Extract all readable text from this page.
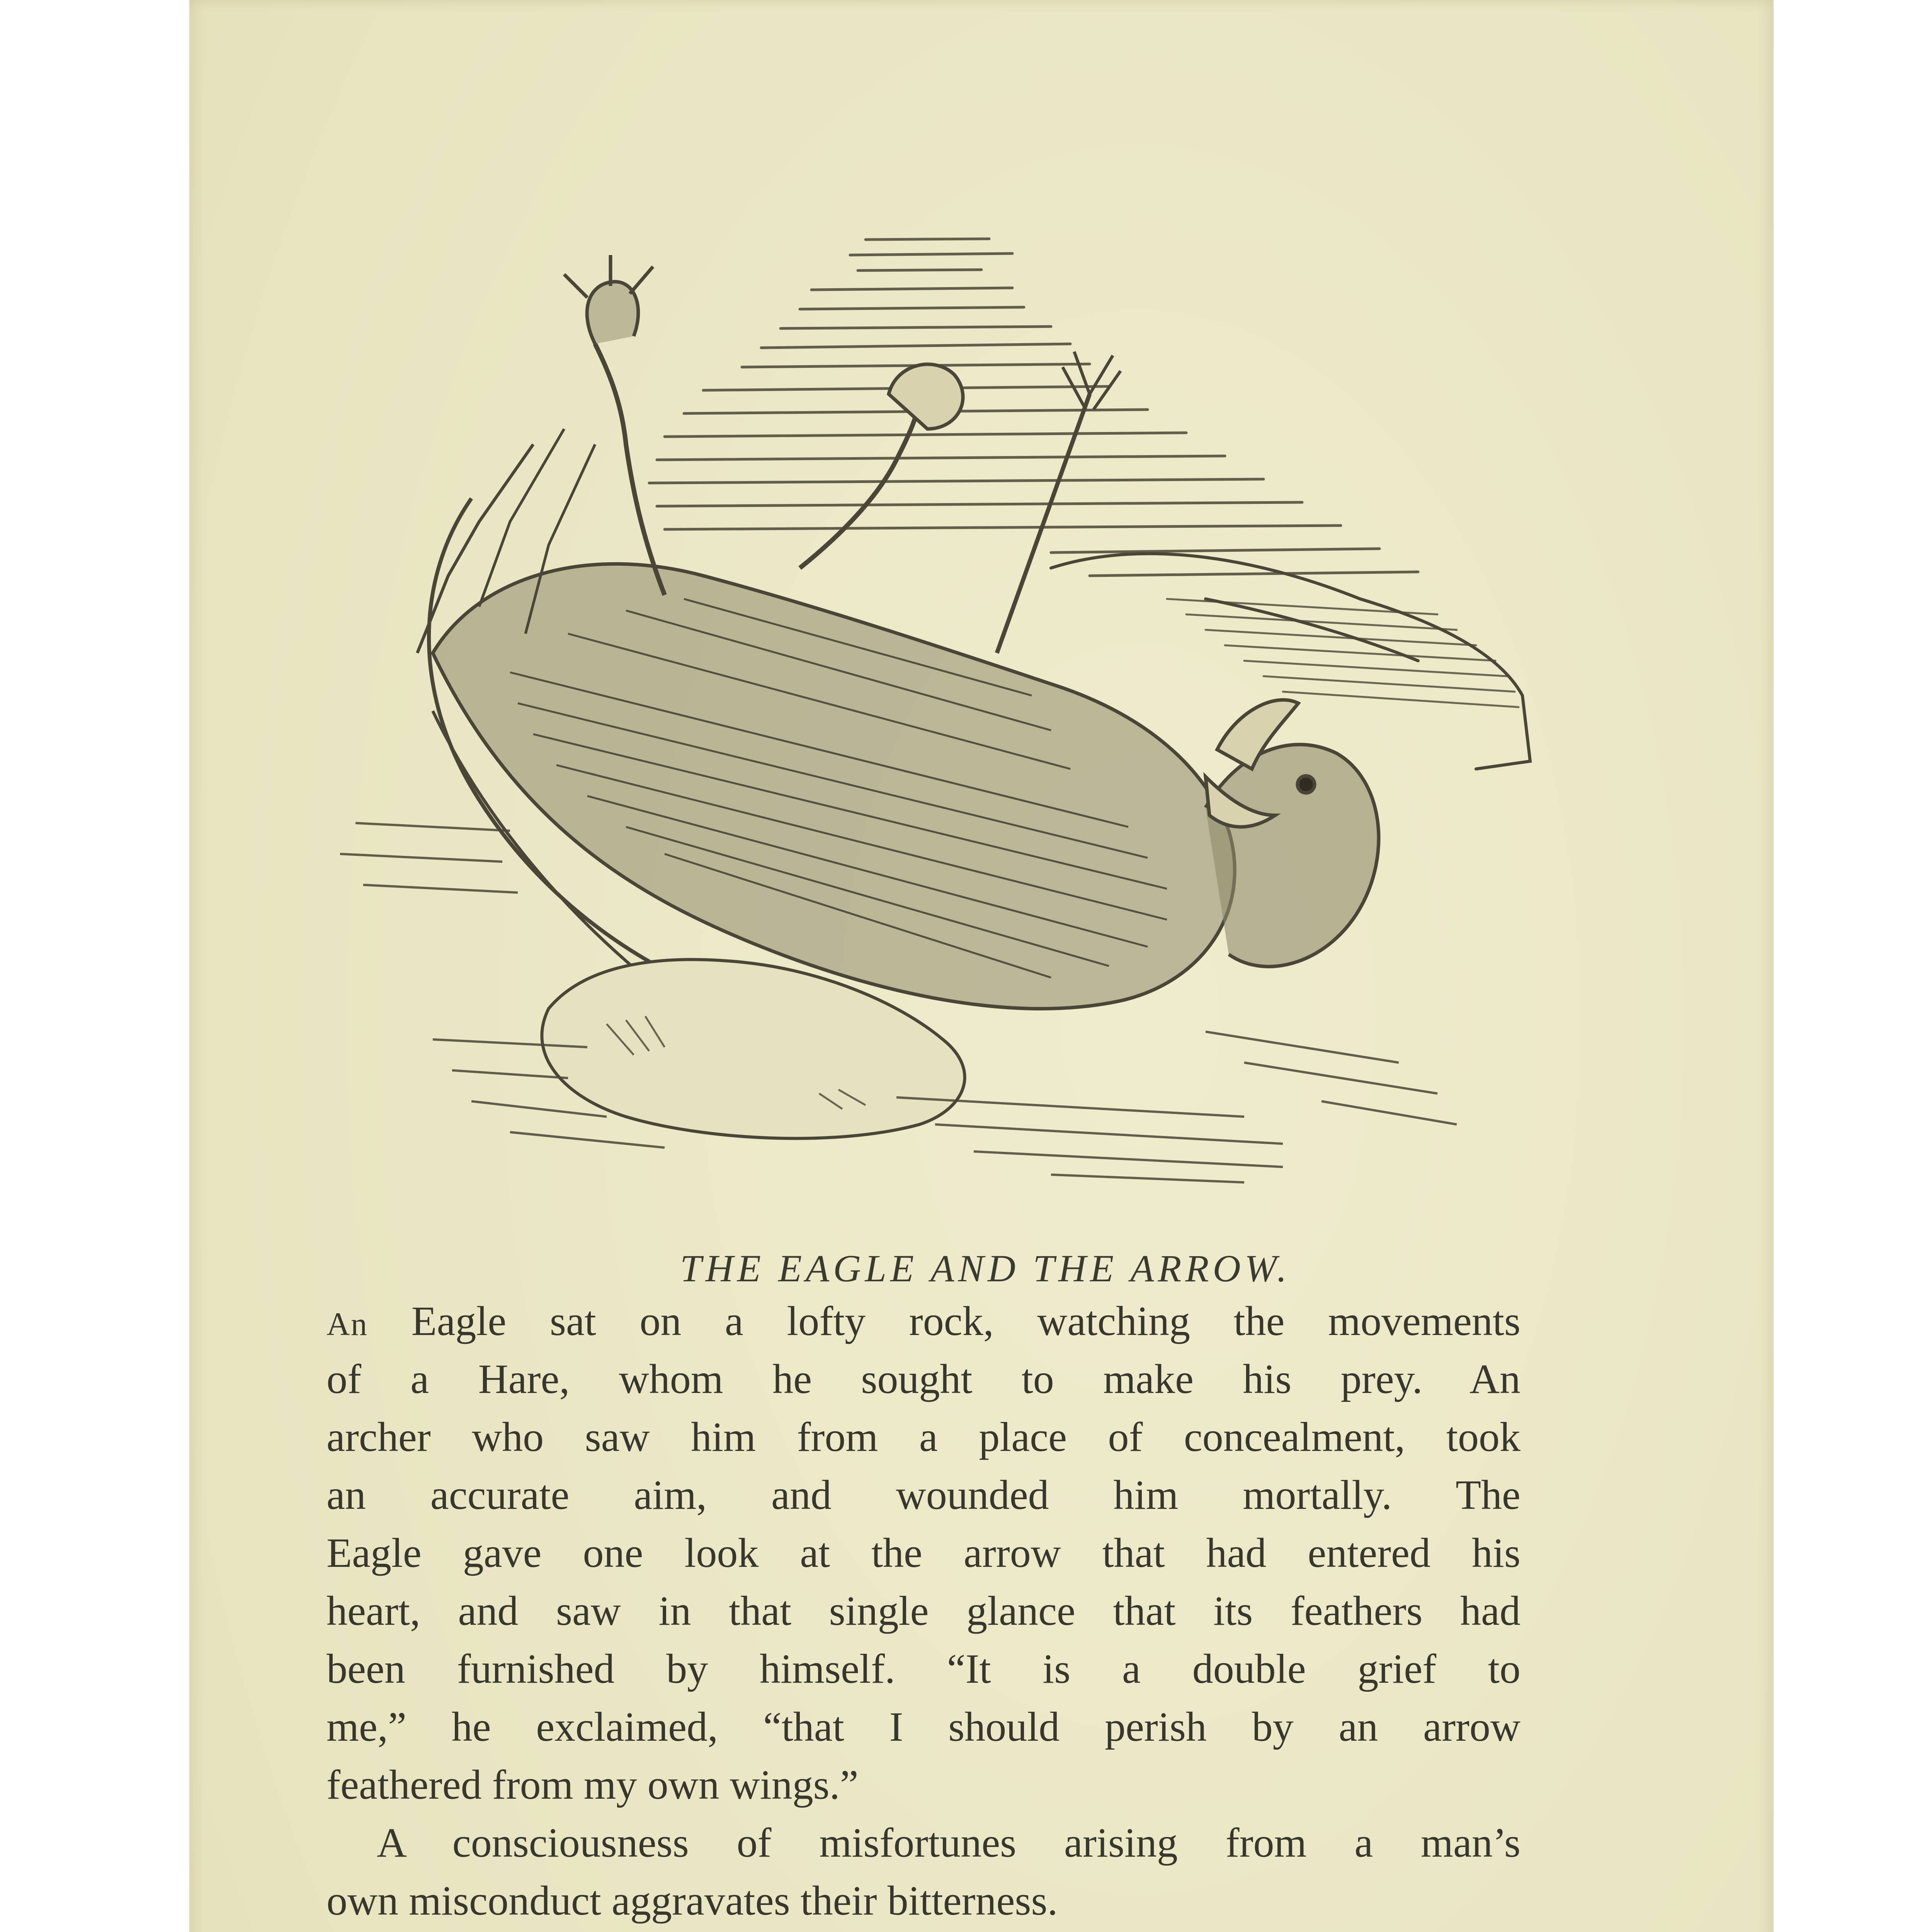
THE EAGLE AND THE ARROW.
An Eagle sat on a lofty rock, watching the movements
of a Hare, whom he sought to make his prey. An
archer who saw him from a place of concealment, took
an accurate aim, and wounded him mortally. The
Eagle gave one look at the arrow that had entered his
heart, and saw in that single glance that its feathers had
been furnished by himself. “It is a double grief to
me,” he exclaimed, “that I should perish by an arrow
feathered from my own wings.”
A consciousness of misfortunes arising from a man’s
own misconduct aggravates their bitterness.
